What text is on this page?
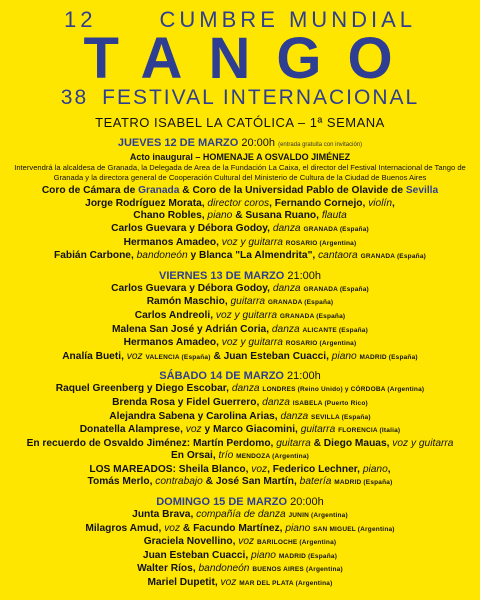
12	CUMBRE MUNDIAL
TANGO
38 FESTIVAL INTERNACIONAL
TEATRO ISABEL LA CATÓLICA – 1ª SEMANA
JUEVES 12 DE MARZO 20:00h (entrada gratuita con invitación)
Acto inaugural – HOMENAJE A OSVALDO JIMÉNEZ
Intervendrá la alcaldesa de Granada, la Delegada de Area de la Fundación La Caixa, el director del Festival Internacional de Tango de Granada y la directora general de Cooperación Cultural del Ministerio de Cultura de la Ciudad de Buenos Aires
Coro de Cámara de Granada & Coro de la Universidad Pablo de Olavide de Sevilla
Jorge Rodríguez Morata, director coros, Fernando Cornejo, violín,
Chano Robles, piano & Susana Ruano, flauta
Carlos Guevara y Débora Godoy, danza GRANADA (España)
Hermanos Amadeo, voz y guitarra ROSARIO (Argentina)
Fabián Carbone, bandoneón y Blanca "La Almendrita", cantaora GRANADA (España)
VIERNES 13 DE MARZO 21:00h
Carlos Guevara y Débora Godoy, danza GRANADA (España)
Ramón Maschio, guitarra GRANADA (España)
Carlos Andreoli, voz y guitarra GRANADA (España)
Malena San José y Adrián Coria, danza ALICANTE (España)
Hermanos Amadeo, voz y guitarra ROSARIO (Argentina)
Analía Bueti, voz VALENCIA (España) & Juan Esteban Cuacci, piano MADRID (España)
SÁBADO 14 DE MARZO 21:00h
Raquel Greenberg y Diego Escobar, danza LONDRES (Reino Unido) y CÓRDOBA (Argentina)
Brenda Rosa y Fidel Guerrero, danza ISABELA (Puerto Rico)
Alejandra Sabena y Carolina Arias, danza SEVILLA (España)
Donatella Alamprese, voz y Marco Giacomini, guitarra FLORENCIA (Italia)
En recuerdo de Osvaldo Jiménez: Martín Perdomo, guitarra & Diego Mauas, voz y guitarra
En Orsai, trío MENDOZA (Argentina)
LOS MAREADOS: Sheila Blanco, voz, Federico Lechner, piano,
Tomás Merlo, contrabajo & José San Martín, batería MADRID (España)
DOMINGO 15 DE MARZO 20:00h
Junta Brava, compañía de danza JUNIN (Argentina)
Milagros Amud, voz & Facundo Martínez, piano SAN MIGUEL (Argentina)
Graciela Novellino, voz BARILOCHE (Argentina)
Juan Esteban Cuacci, piano MADRID (España)
Walter Ríos, bandoneón BUENOS AIRES (Argentina)
Mariel Dupetit, voz MAR DEL PLATA (Argentina)
